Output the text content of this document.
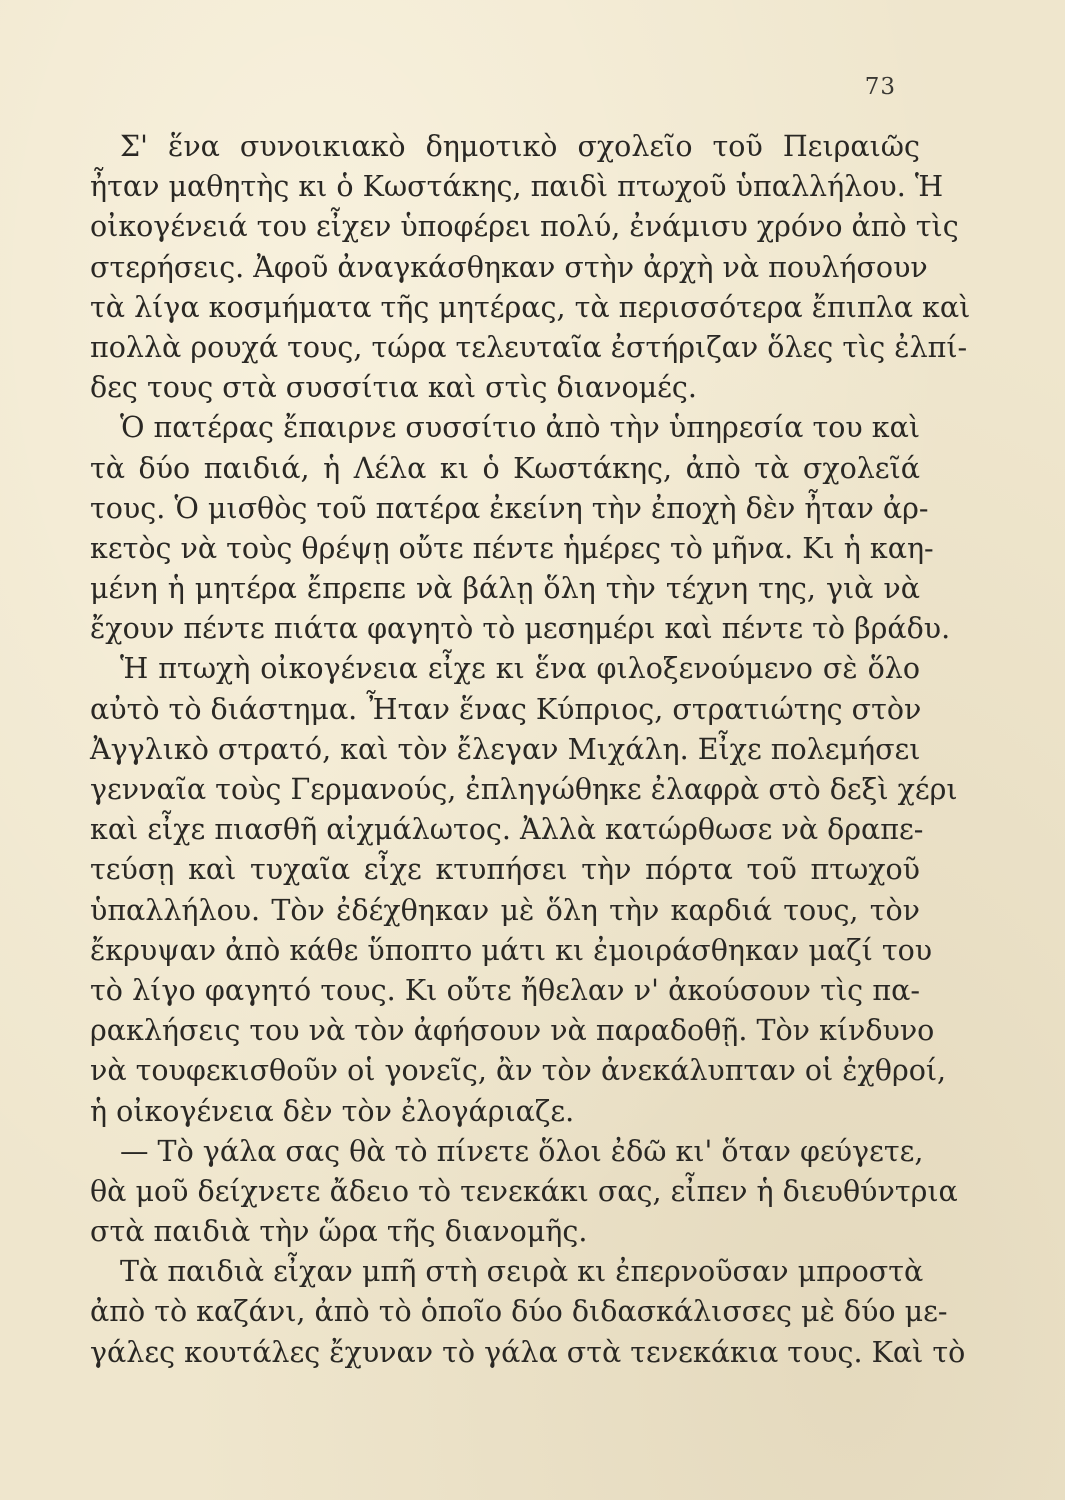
73
Σ' ἕνα συνοικιακὸ δημοτικὸ σχολεῖο τοῦ Πειραιῶς
ἦταν μαθητὴς κι ὁ Κωστάκης, παιδὶ πτωχοῦ ὑπαλλήλου. Ἡ
οἰκογένειά του εἶχεν ὑποφέρει πολύ, ἐνάμισυ χρόνο ἀπὸ τὶς
στερήσεις. Ἀφοῦ ἀναγκάσθηκαν στὴν ἀρχὴ νὰ πουλήσουν
τὰ λίγα κοσμήματα τῆς μητέρας, τὰ περισσότερα ἔπιπλα καὶ
πολλὰ ρουχά τους, τώρα τελευταῖα ἐστήριζαν ὅλες τὶς ἐλπί-
δες τους στὰ συσσίτια καὶ στὶς διανομές.
Ὁ πατέρας ἔπαιρνε συσσίτιο ἀπὸ τὴν ὑπηρεσία του καὶ
τὰ δύο παιδιά, ἡ Λέλα κι ὁ Κωστάκης, ἀπὸ τὰ σχολεῖά
τους. Ὁ μισθὸς τοῦ πατέρα ἐκείνη τὴν ἐποχὴ δὲν ἦταν ἀρ-
κετὸς νὰ τοὺς θρέψῃ οὔτε πέντε ἡμέρες τὸ μῆνα. Κι ἡ καη-
μένη ἡ μητέρα ἔπρεπε νὰ βάλῃ ὅλη τὴν τέχνη της, γιὰ νὰ
ἔχουν πέντε πιάτα φαγητὸ τὸ μεσημέρι καὶ πέντε τὸ βράδυ.
Ἡ πτωχὴ οἰκογένεια εἶχε κι ἕνα φιλοξενούμενο σὲ ὅλο
αὐτὸ τὸ διάστημα. Ἦταν ἕνας Κύπριος, στρατιώτης στὸν
Ἀγγλικὸ στρατό, καὶ τὸν ἔλεγαν Μιχάλη. Εἶχε πολεμήσει
γενναῖα τοὺς Γερμανούς, ἐπληγώθηκε ἐλαφρὰ στὸ δεξὶ χέρι
καὶ εἶχε πιασθῆ αἰχμάλωτος. Ἀλλὰ κατώρθωσε νὰ δραπε-
τεύσῃ καὶ τυχαῖα εἶχε κτυπήσει τὴν πόρτα τοῦ πτωχοῦ
ὑπαλλήλου. Τὸν ἐδέχθηκαν μὲ ὅλη τὴν καρδιά τους, τὸν
ἔκρυψαν ἀπὸ κάθε ὕποπτο μάτι κι ἐμοιράσθηκαν μαζί του
τὸ λίγο φαγητό τους. Κι οὔτε ἤθελαν ν' ἀκούσουν τὶς πα-
ρακλήσεις του νὰ τὸν ἀφήσουν νὰ παραδοθῇ. Τὸν κίνδυνο
νὰ τουφεκισθοῦν οἱ γονεῖς, ἂν τὸν ἀνεκάλυπταν οἱ ἐχθροί,
ἡ οἰκογένεια δὲν τὸν ἐλογάριαζε.
— Τὸ γάλα σας θὰ τὸ πίνετε ὅλοι ἐδῶ κι' ὅταν φεύγετε,
θὰ μοῦ δείχνετε ἄδειο τὸ τενεκάκι σας, εἶπεν ἡ διευθύντρια
στὰ παιδιὰ τὴν ὥρα τῆς διανομῆς.
Τὰ παιδιὰ εἶχαν μπῆ στὴ σειρὰ κι ἐπερνοῦσαν μπροστὰ
ἀπὸ τὸ καζάνι, ἀπὸ τὸ ὁποῖο δύο διδασκάλισσες μὲ δύο με-
γάλες κουτάλες ἔχυναν τὸ γάλα στὰ τενεκάκια τους. Καὶ τὸ
